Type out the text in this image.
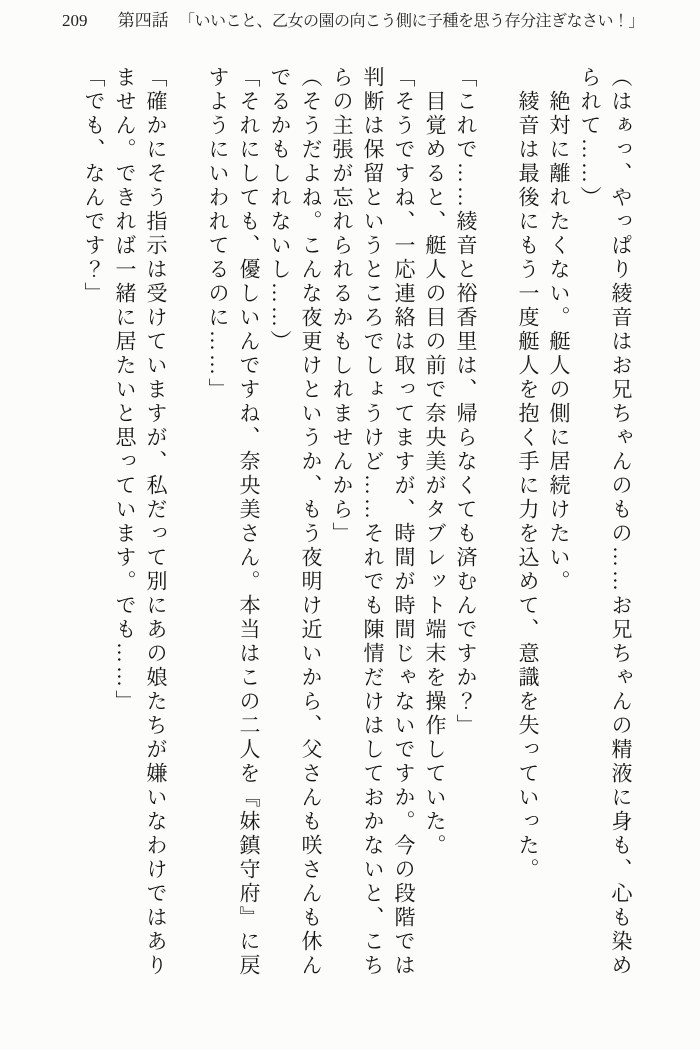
209 第四話 「いいこと、乙女の園の向こう側に子種を思う存分注ぎなさい！」

（はぁっ、やっぱり綾音はお兄ちゃんのもの……お兄ちゃんの精液に身も、心も染め

られて……）

　絶対に離れたくない。艇人の側に居続けたい。

　綾音は最後にもう一度艇人を抱く手に力を込めて、意識を失っていった。

「これで……綾音と裕香里は、帰らなくても済むんですか？」

　目覚めると、艇人の目の前で奈央美がタブレット端末を操作していた。

「そうですね、一応連絡は取ってますが、時間が時間じゃないですか。今の段階では

判断は保留というところでしょうけど……それでも陳情だけはしておかないと、こち

らの主張が忘れられるかもしれませんから」

（そうだよね。こんな夜更けというか、もう夜明け近いから、父さんも咲さんも休ん

でるかもしれないし……）

「それにしても、優しいんですね、奈央美さん。本当はこの二人を『妹鎮守府』に戻

すようにいわれてるのに……」

「確かにそう指示は受けていますが、私だって別にあの娘たちが嫌いなわけではあり

ません。できれば一緒に居たいと思っています。でも……」

「でも、なんです？」
